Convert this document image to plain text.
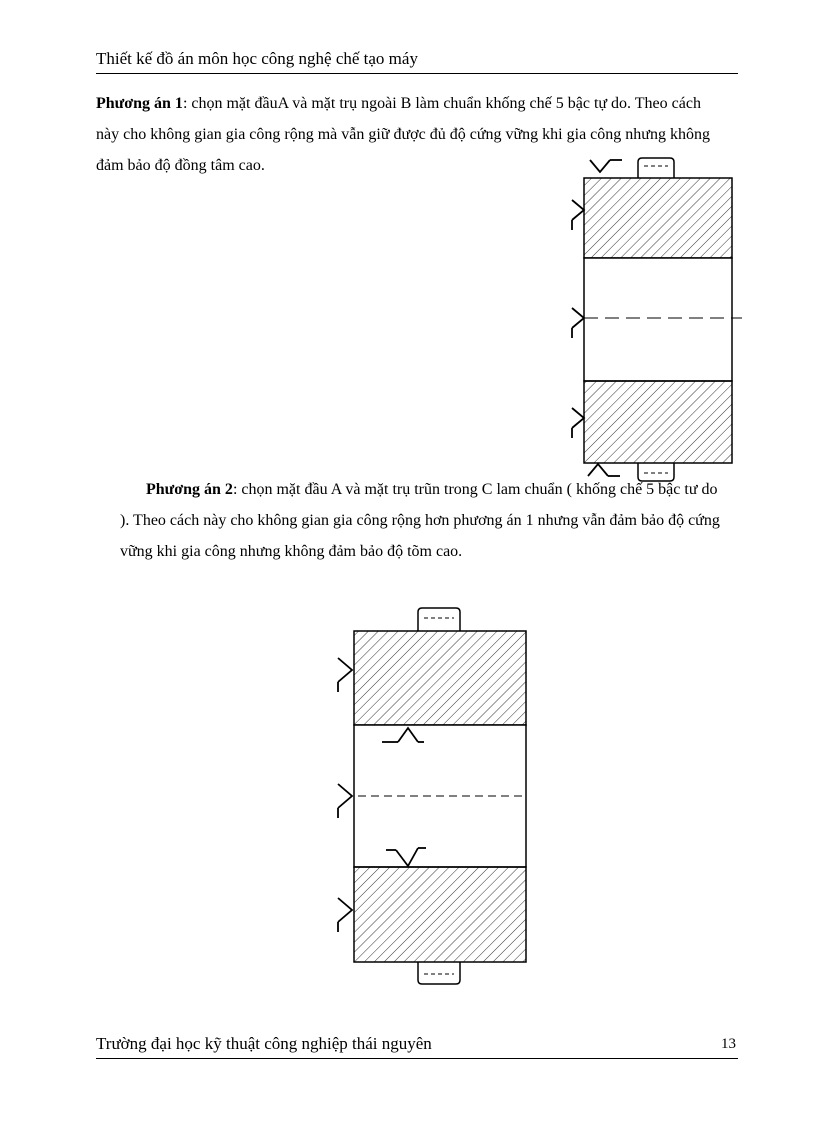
Thiết kế đồ án môn học công nghệ chế tạo máy

Phương án 1: chọn mặt đầuA và mặt trụ ngoài B làm chuẩn khống chế 5 bậc tự do. Theo cách này cho không gian gia công rộng mà vẫn giữ được đủ độ cứng vững khi gia công nhưng không đảm bảo độ đồng tâm cao.

Phương án 2: chọn mặt đầu A và mặt trụ trũn trong C lam chuẩn ( khống chế 5 bậc tư do ). Theo cách này cho không gian gia công rộng hơn phương án 1 nhưng vẫn đảm bảo độ cứng vững khi gia công nhưng không đảm bảo độ tõm cao.

Trường đại học kỹ thuật công nghiệp thái nguyên	13
